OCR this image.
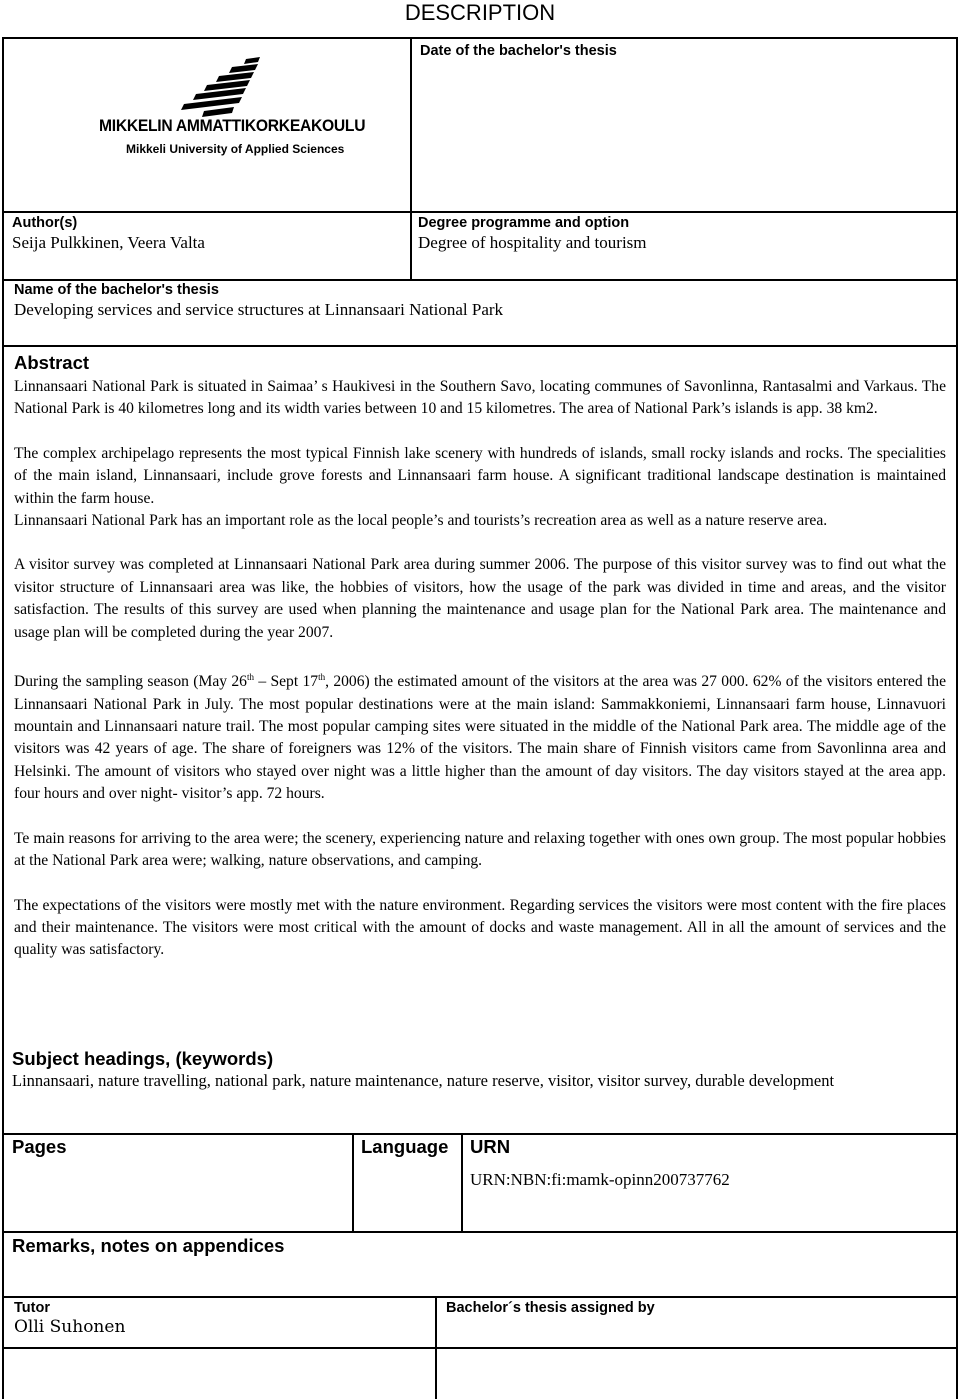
DESCRIPTION
MIKKELIN AMMATTIKORKEAKOULU
Mikkeli University of Applied Sciences
Date of the bachelor's thesis
Author(s)
Seija Pulkkinen, Veera Valta
Degree programme and option
Degree of hospitality and tourism
Name of the bachelor's thesis
Developing services and service structures at Linnansaari National Park
Abstract

Linnansaari National Park is situated in Saimaa’ s Haukivesi in the Southern Savo, locating communes of Savonlinna, Rantasalmi and Varkaus. The National Park is 40 kilometres long and its width varies between 10 and 15 kilometres. The area of National Park’s islands is app. 38 km2.

The complex archipelago represents the most typical Finnish lake scenery with hundreds of islands, small rocky islands and rocks. The specialities of the main island, Linnansaari, include grove forests and Linnansaari farm house. A significant traditional landscape destination is maintained within the farm house.

Linnansaari National Park has an important role as the local people’s and tourists’s recreation area as well as a nature reserve area.

A visitor survey was completed at Linnansaari National Park area during summer 2006. The purpose of this visitor survey was to find out what the visitor structure of Linnansaari area was like, the hobbies of visitors, how the usage of the park was divided in time and areas, and the visitor satisfaction. The results of this survey are used when planning the maintenance and usage plan for the National Park area. The maintenance and usage plan will be completed during the year 2007.

During the sampling season (May 26th – Sept 17th, 2006) the estimated amount of the visitors at the area was 27 000. 62% of the visitors entered the Linnansaari National Park in July. The most popular destinations were at the main island: Sammakkoniemi, Linnansaari farm house, Linnavuori mountain and Linnansaari nature trail. The most popular camping sites were situated in the middle of the National Park area. The middle age of the visitors was 42 years of age. The share of foreigners was 12% of the visitors. The main share of Finnish visitors came from Savonlinna area and Helsinki. The amount of visitors who stayed over night was a little higher than the amount of day visitors. The day visitors stayed at the area app. four hours and over night- visitor’s app. 72 hours.

Te main reasons for arriving to the area were; the scenery, experiencing nature and relaxing together with ones own group. The most popular hobbies at the National Park area were; walking, nature observations, and camping.

The expectations of the visitors were mostly met with the nature environment. Regarding services the visitors were most content with the fire places and their maintenance. The visitors were most critical with the amount of docks and waste management. All in all the amount of services and the quality was satisfactory.

Subject headings, (keywords)
Linnansaari, nature travelling, national park, nature maintenance, nature reserve, visitor, visitor survey, durable development
Pages	Language	URN
URN:NBN:fi:mamk-opinn200737762
Remarks, notes on appendices
Tutor
Olli Suhonen
Bachelor´s thesis assigned by
